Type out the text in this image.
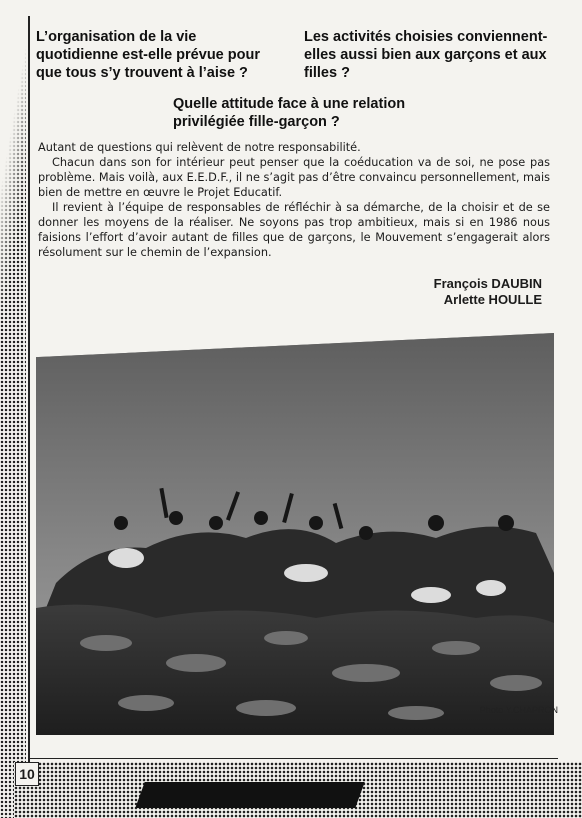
L’organisation de la vie quotidienne est-elle prévue pour que tous s’y trouvent à l’aise ?
Les activités choisies conviennent-elles aussi bien aux garçons et aux filles ?
Quelle attitude face à une relation privilégiée fille-garçon ?

Autant de questions qui relèvent de notre responsabilité.

Chacun dans son for intérieur peut penser que la coéducation va de soi, ne pose pas problème. Mais voilà, aux E.E.D.F., il ne s’agit pas d’être convaincu personnellement, mais bien de mettre en œuvre le Projet Educatif.

Il revient à l’équipe de responsables de réfléchir à sa démarche, de la choisir et de se donner les moyens de la réaliser. Ne soyons pas trop ambitieux, mais si en 1986 nous faisions l’effort d’avoir autant de filles que de garçons, le Mouvement s’engagerait alors résolument sur le chemin de l’expansion.

François DAUBIN
Arlette HOULLE
Photo Y.CHAPRON
10
